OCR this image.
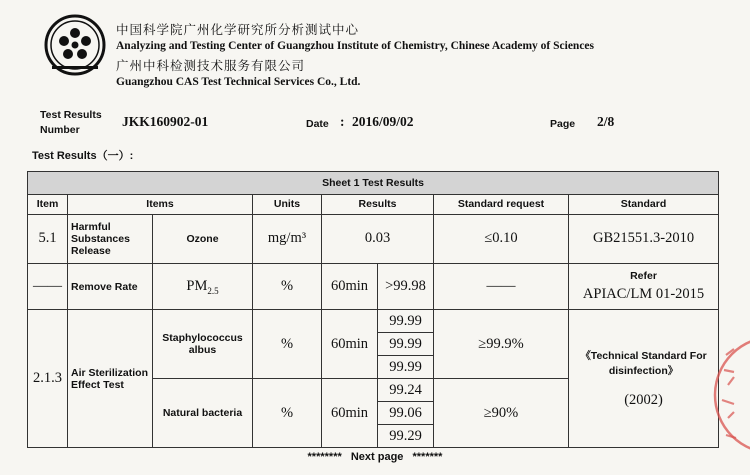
中国科学院广州化学研究所分析测试中心
Analyzing and Testing Center of Guangzhou Institute of Chemistry, Chinese Academy of Sciences
广州中科检测技术服务有限公司
Guangzhou CAS Test Technical Services Co., Ltd.
Test Results Number
JKK160902-01	Date : 2016/09/02	Page 2/8
Test Results（一）:
Sheet 1 Test Results							
Item	Items		Units	Results		Standard request	Standard
5.1	Harmful Substances Release	Ozone	mg/m³	0.03		≤0.10	GB21551.3-2010
——	Remove Rate	$PM_{2.5}$	%	60min	>99.98	——	Refer
APIAC/LM 01-2015

2.1.3	Air Sterilization Effect Test	Staphylococcus albus	%	60min	99.99	≥99.9%	《Technical Standard For disinfection》
(2002)

					99.99		
					99.99		
		Natural bacteria	%	60min	99.24	≥90%	
					99.06		
					99.29		
******** Next page *******
